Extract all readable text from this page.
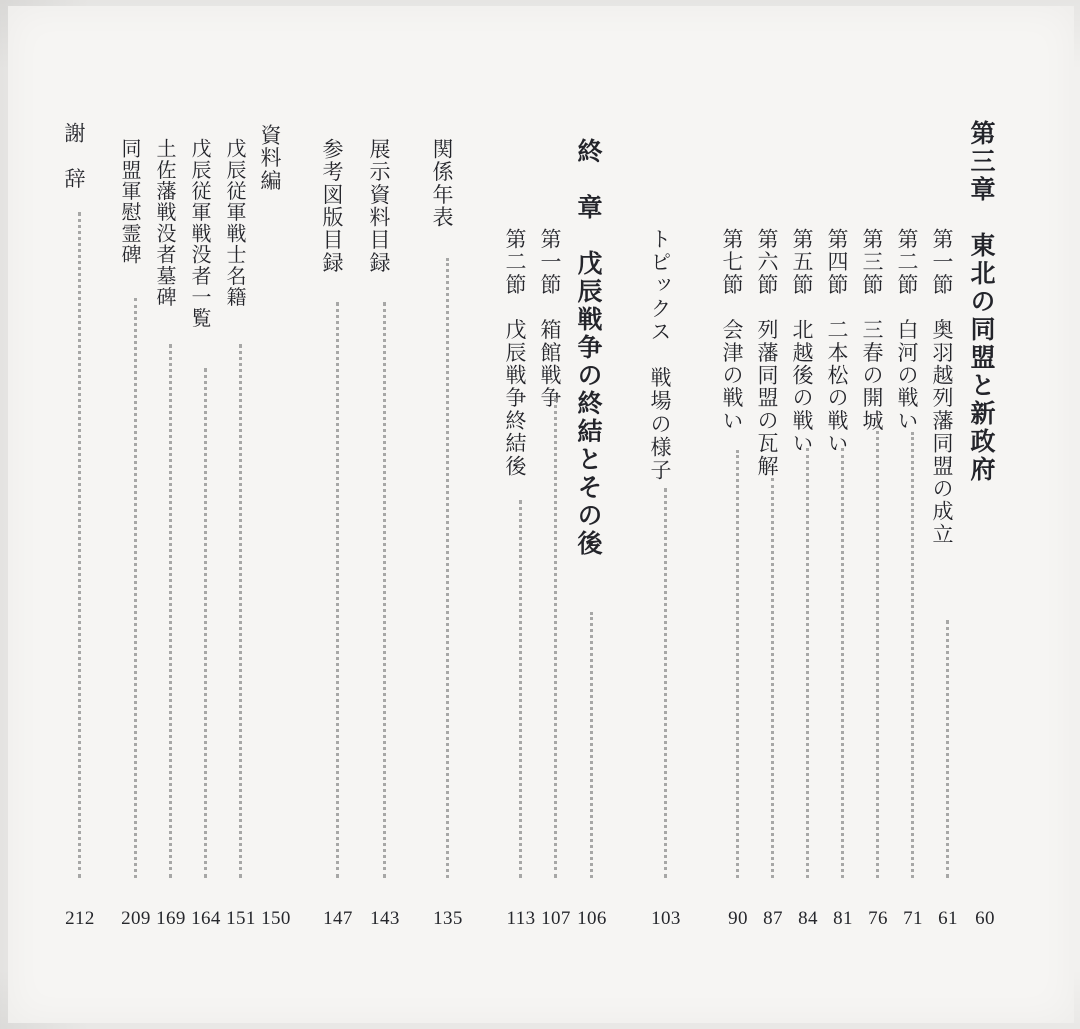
第三章　東北の同盟と新政府
第一節　奥羽越列藩同盟の成立
第二節　白河の戦い
第三節　三春の開城
第四節　二本松の戦い
第五節　北越後の戦い
第六節　列藩同盟の瓦解
第七節　会津の戦い
トピックス　戦場の様子
終　章　戊辰戦争の終結とその後
第一節　箱館戦争
第二節　戊辰戦争終結後
関係年表
展示資料目録
参考図版目録
資料編
戊辰従軍戦士名籍
戊辰従軍戦没者一覧
土佐藩戦没者墓碑
同盟軍慰霊碑
謝　辞
60
61
71
76
81
84
87
90
103
106
107
113
135
143
147
150
151
164
169
209
212
